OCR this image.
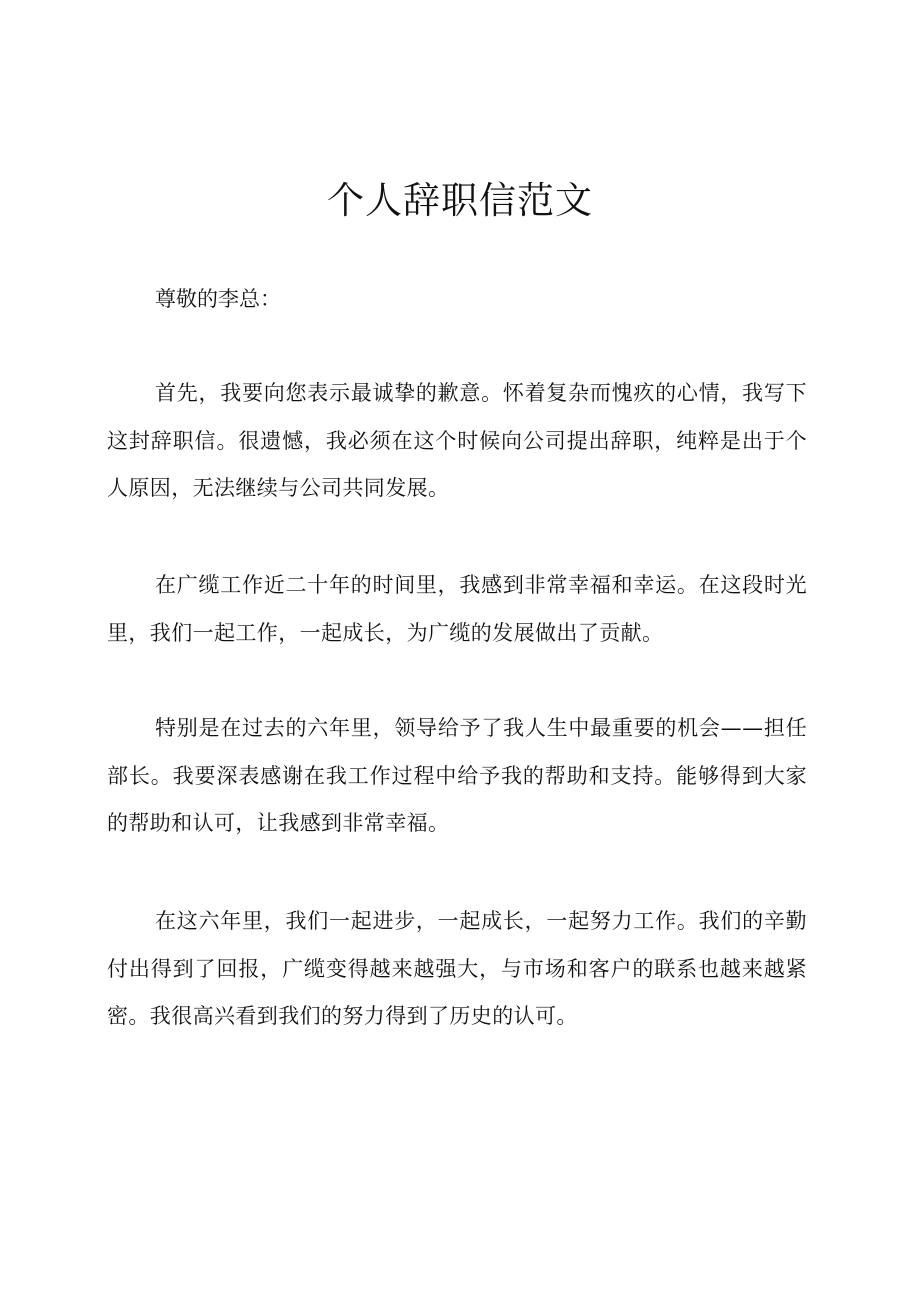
个人辞职信范文

尊敬的李总：

首先，我要向您表示最诚挚的歉意。怀着复杂而愧疚的心情，我写下这封辞职信。很遗憾，我必须在这个时候向公司提出辞职，纯粹是出于个人原因，无法继续与公司共同发展。

在广缆工作近二十年的时间里，我感到非常幸福和幸运。在这段时光里，我们一起工作，一起成长，为广缆的发展做出了贡献。

特别是在过去的六年里，领导给予了我人生中最重要的机会——担任部长。我要深表感谢在我工作过程中给予我的帮助和支持。能够得到大家的帮助和认可，让我感到非常幸福。

在这六年里，我们一起进步，一起成长，一起努力工作。我们的辛勤付出得到了回报，广缆变得越来越强大，与市场和客户的联系也越来越紧密。我很高兴看到我们的努力得到了历史的认可。
